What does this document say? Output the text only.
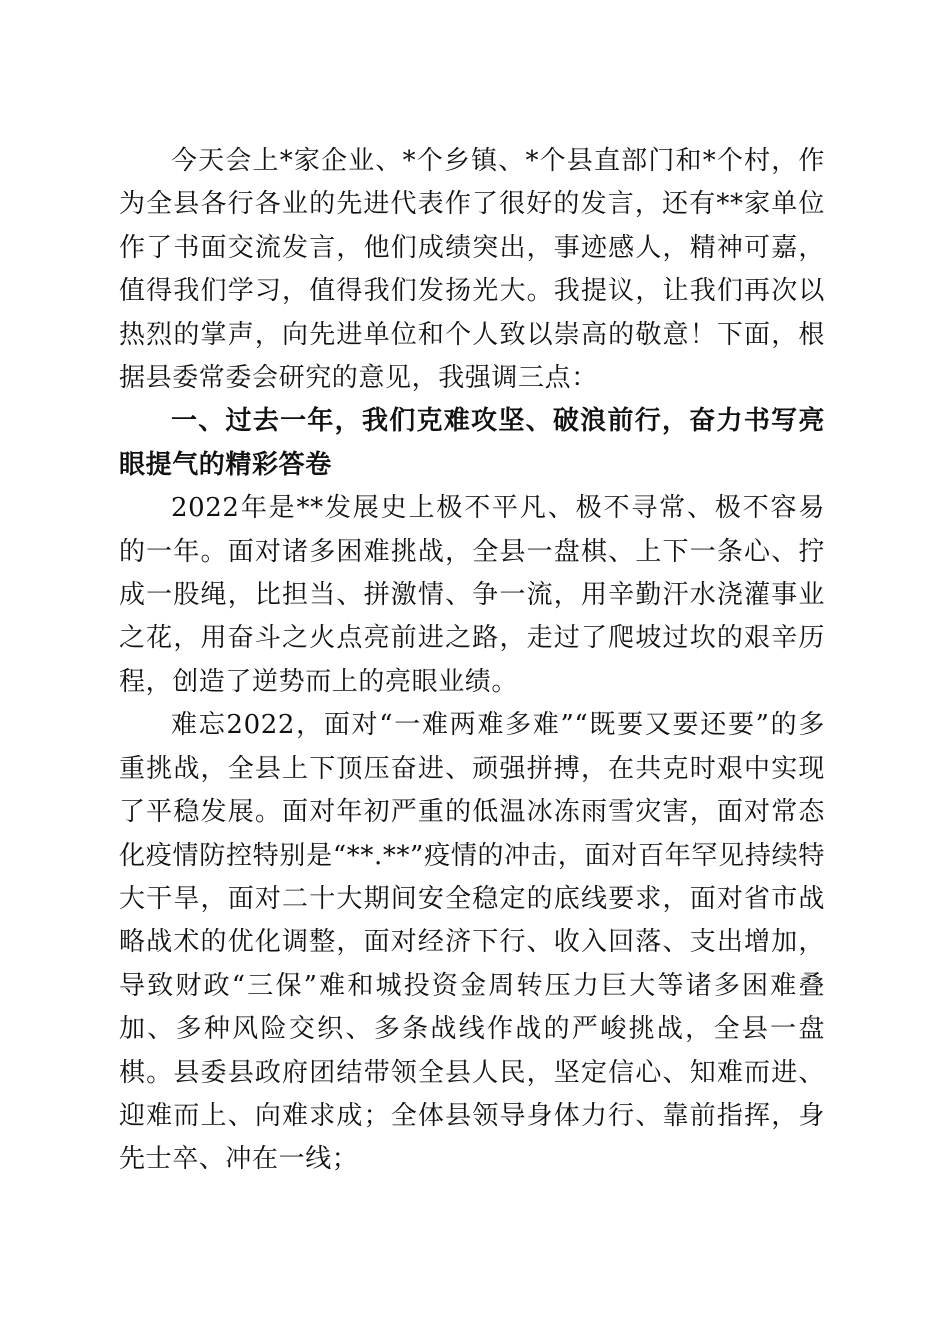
今天会上*家企业、*个乡镇、*个县直部门和*个村，作为全县各行各业的先进代表作了很好的发言，还有**家单位作了书面交流发言，他们成绩突出，事迹感人，精神可嘉，值得我们学习，值得我们发扬光大。我提议，让我们再次以热烈的掌声，向先进单位和个人致以崇高的敬意！下面，根据县委常委会研究的意见，我强调三点：

一、过去一年，我们克难攻坚、破浪前行，奋力书写亮眼提气的精彩答卷

2022年是**发展史上极不平凡、极不寻常、极不容易的一年。面对诸多困难挑战，全县一盘棋、上下一条心、拧成一股绳，比担当、拼激情、争一流，用辛勤汗水浇灌事业之花，用奋斗之火点亮前进之路，走过了爬坡过坎的艰辛历程，创造了逆势而上的亮眼业绩。

难忘2022，面对“一难两难多难”“既要又要还要”的多重挑战，全县上下顶压奋进、顽强拼搏，在共克时艰中实现了平稳发展。面对年初严重的低温冰冻雨雪灾害，面对常态化疫情防控特别是“**.**”疫情的冲击，面对百年罕见持续特大干旱，面对二十大期间安全稳定的底线要求，面对省市战略战术的优化调整，面对经济下行、收入回落、支出增加，导致财政“三保”难和城投资金周转压力巨大等诸多困难叠加、多种风险交织、多条战线作战的严峻挑战，全县一盘棋。县委县政府团结带领全县人民，坚定信心、知难而进、迎难而上、向难求成；全体县领导身体力行、靠前指挥，身先士卒、冲在一线；
